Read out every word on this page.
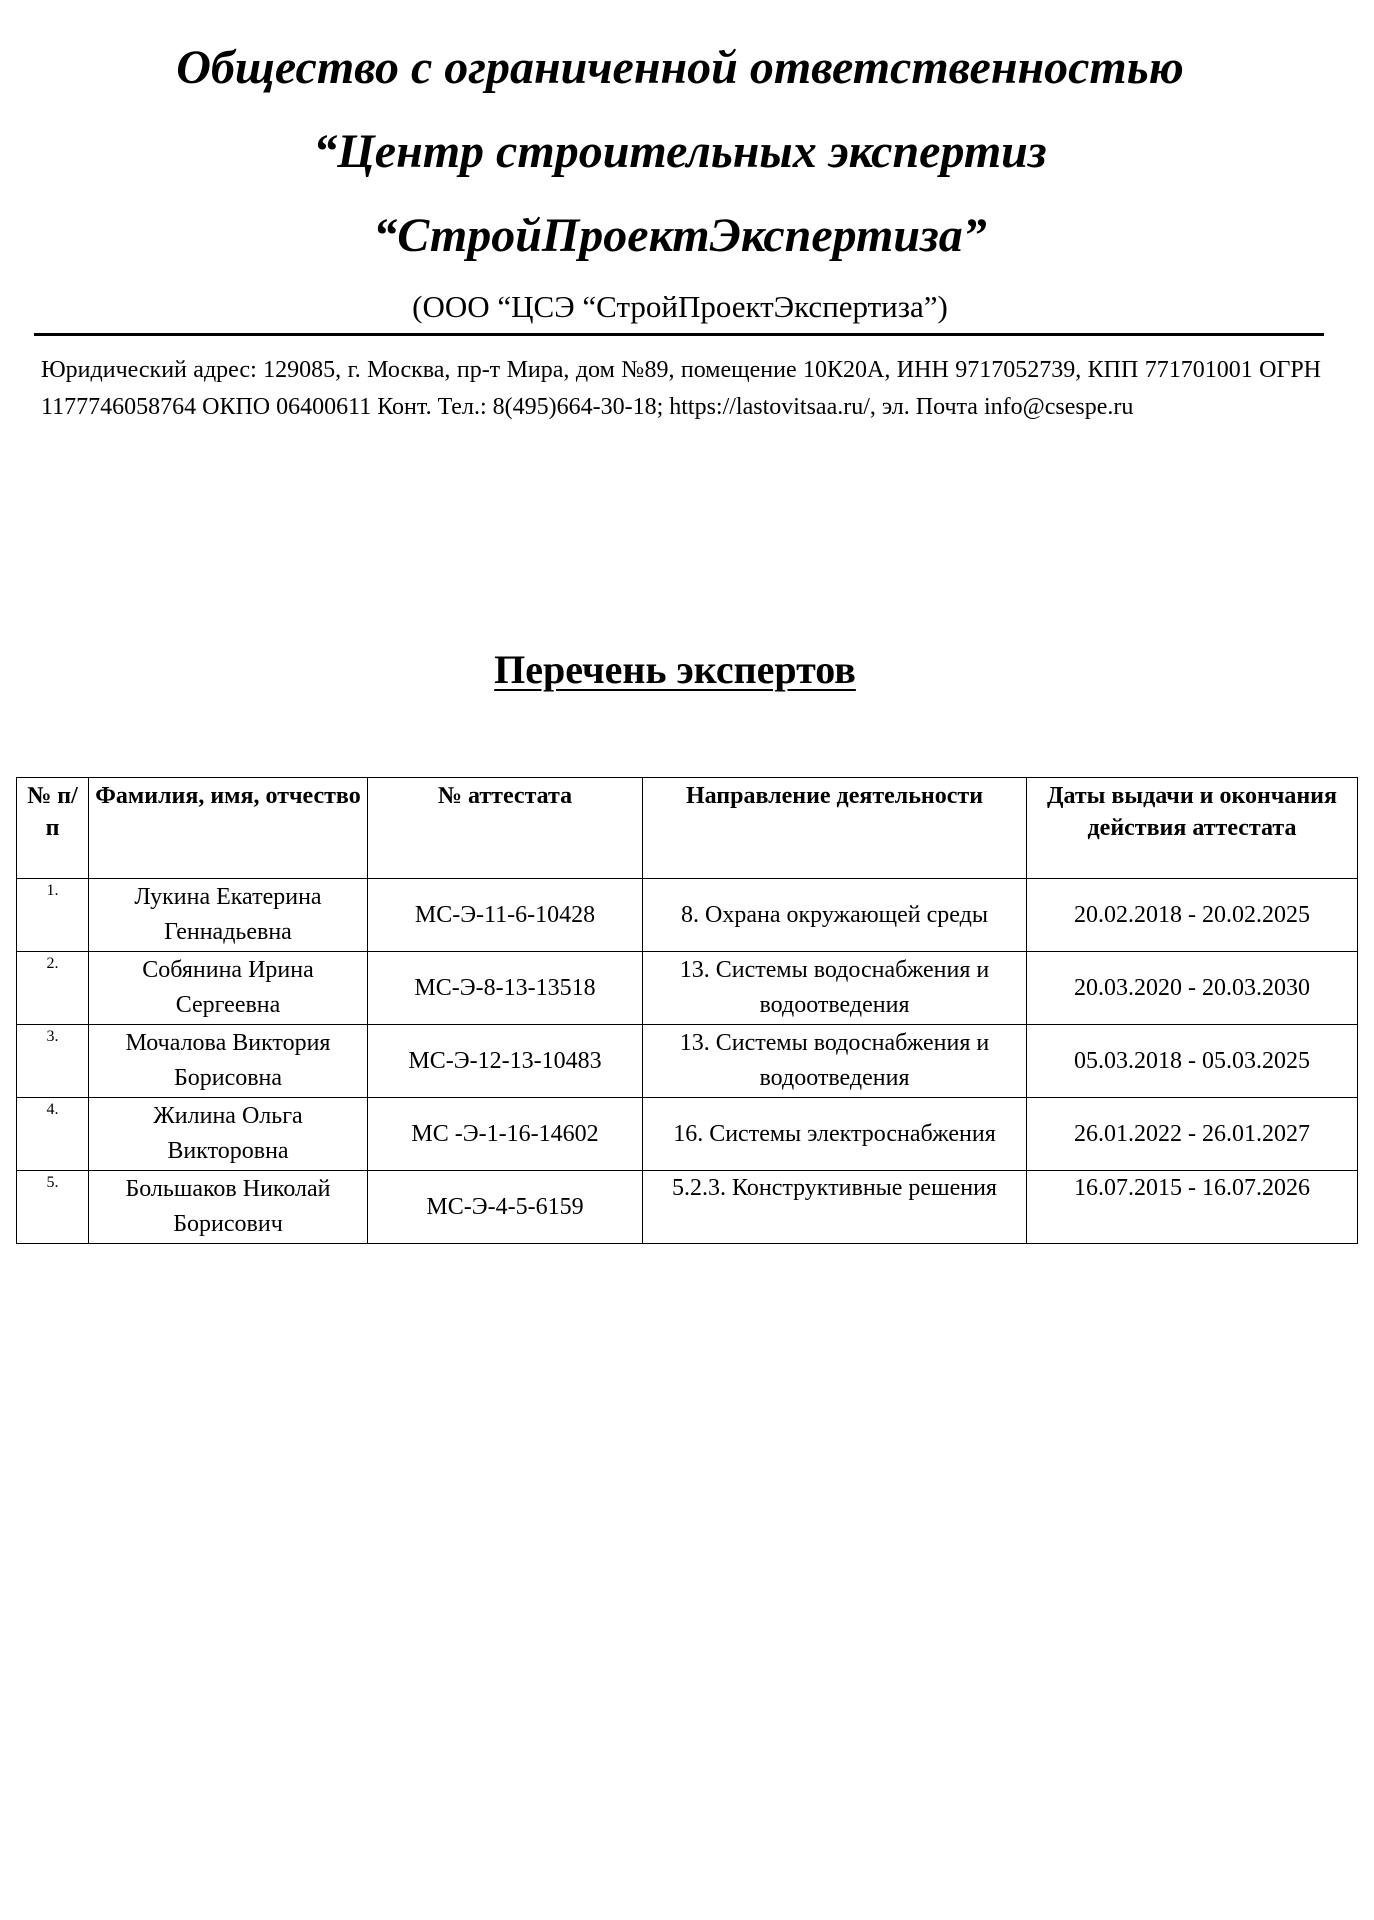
Общество с ограниченной ответственностью
“Центр строительных экспертиз
“СтройПроектЭкспертиза”
(ООО “ЦСЭ “СтройПроектЭкспертиза”)
Юридический адрес: 129085, г. Москва, пр-т Мира, дом №89, помещение 10К20А, ИНН 9717052739, КПП 771701001 ОГРН 1177746058764 ОКПО 06400611 Конт. Тел.: 8(495)664-30-18; https://lastovitsaa.ru/, эл. Почта info@csespe.ru
Перечень экспертов
№ п/п	Фамилия, имя, отчество	№ аттестата	Направление деятельности	Даты выдачи и окончания действия аттестата
1.	Лукина Екатерина Геннадьевна	МС-Э-11-6-10428	8. Охрана окружающей среды	20.02.2018 - 20.02.2025
2.	Собянина Ирина Сергеевна	МС-Э-8-13-13518	13. Системы водоснабжения и водоотведения	20.03.2020 - 20.03.2030
3.	Мочалова Виктория Борисовна	МС-Э-12-13-10483	13. Системы водоснабжения и водоотведения	05.03.2018 - 05.03.2025
4.	Жилина Ольга Викторовна	МС -Э-1-16-14602	16. Системы электроснабжения	26.01.2022 - 26.01.2027
5.	Большаков Николай Борисович	МС-Э-4-5-6159	5.2.3. Конструктивные решения	16.07.2015 - 16.07.2026
